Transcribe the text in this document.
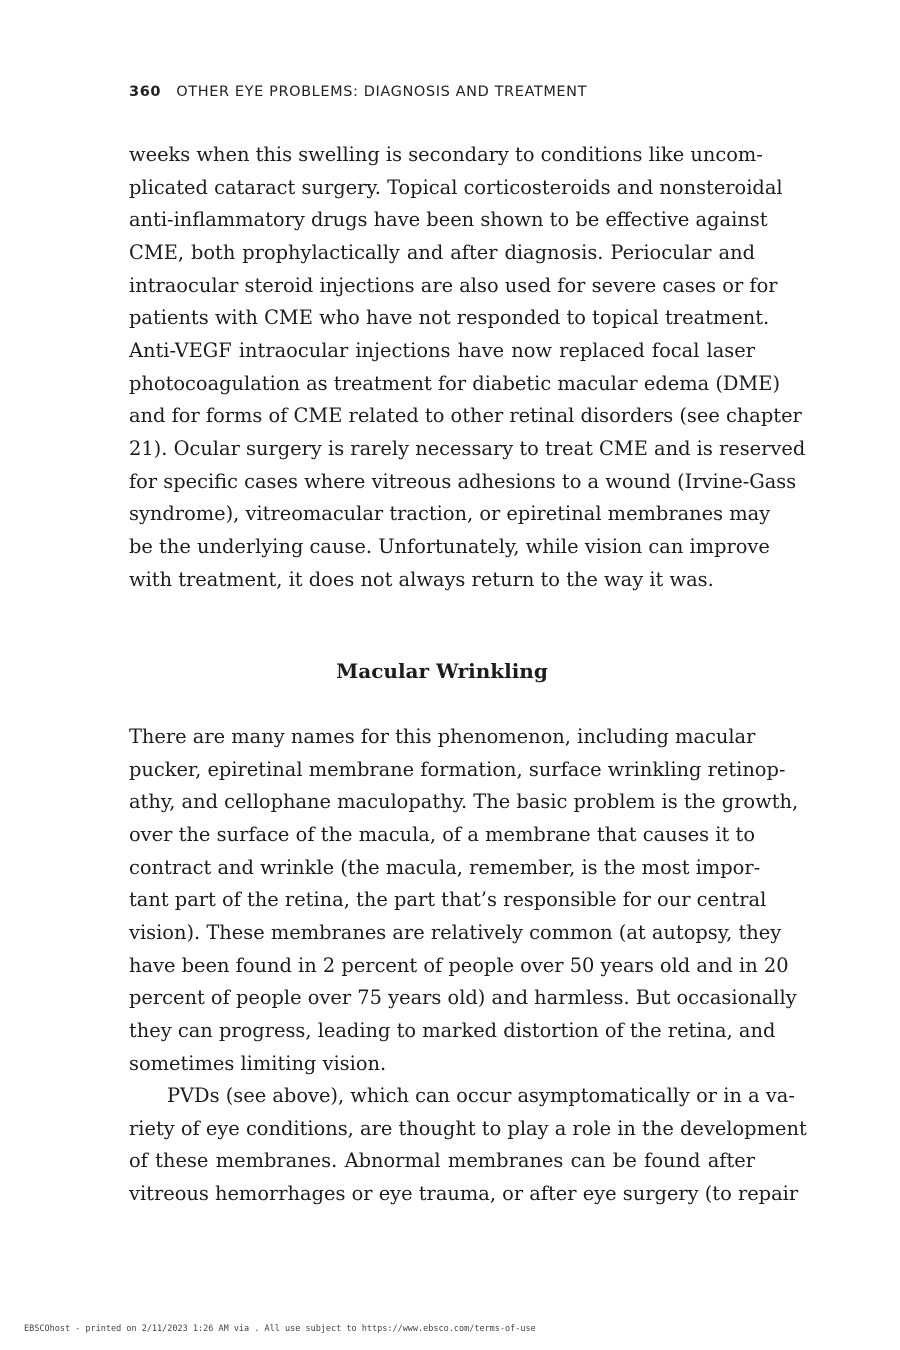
360 OTHER EYE PROBLEMS: DIAGNOSIS AND TREATMENT
weeks when this swelling is secondary to conditions like uncom-
plicated cataract surgery. Topical corticosteroids and nonsteroidal
anti-inflammatory drugs have been shown to be effective against
CME, both prophylactically and after diagnosis. Periocular and
intraocular steroid injections are also used for severe cases or for
patients with CME who have not responded to topical treatment.
Anti-VEGF intraocular injections have now replaced focal laser
photocoagulation as treatment for diabetic macular edema (DME)
and for forms of CME related to other retinal disorders (see chapter
21). Ocular surgery is rarely necessary to treat CME and is reserved
for specific cases where vitreous adhesions to a wound (Irvine-Gass
syndrome), vitreomacular traction, or epiretinal membranes may
be the underlying cause. Unfortunately, while vision can improve
with treatment, it does not always return to the way it was.
Macular Wrinkling
There are many names for this phenomenon, including macular
pucker, epiretinal membrane formation, surface wrinkling retinop-
athy, and cellophane maculopathy. The basic problem is the growth,
over the surface of the macula, of a membrane that causes it to
contract and wrinkle (the macula, remember, is the most impor-
tant part of the retina, the part that’s responsible for our central
vision). These membranes are relatively common (at autopsy, they
have been found in 2 percent of people over 50 years old and in 20
percent of people over 75 years old) and harmless. But occasionally
they can progress, leading to marked distortion of the retina, and
sometimes limiting vision.
PVDs (see above), which can occur asymptomatically or in a va-
riety of eye conditions, are thought to play a role in the development
of these membranes. Abnormal membranes can be found after
vitreous hemorrhages or eye trauma, or after eye surgery (to repair
EBSCOhost - printed on 2/11/2023 1:26 AM via . All use subject to https://www.ebsco.com/terms-of-use
